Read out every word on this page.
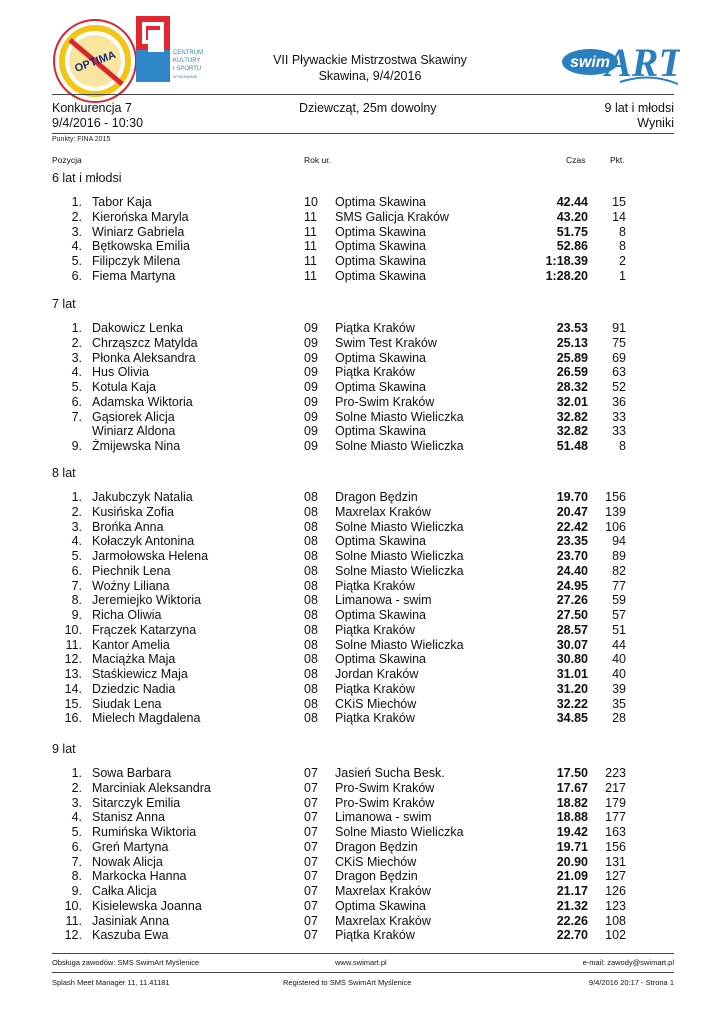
OPTIMA	CENTRUM
KULTURY
I SPORTU
W SKAWINIE
VII Pływackie Mistrzostwa Skawiny
Skawina, 9/4/2016
swim
ART
Konkurencja 7	Dziewcząt, 25m dowolny	9 lat i młodsi
9/4/2016 - 10:30	Wyniki
Punkty: FINA 2015
Pozycja	Rok ur.	Czas	Pkt.
6 lat i młodsi
1. Tabor Kaja	10 Optima Skawina	42.44	15
2. Kierońska Maryla	11 SMS Galicja Kraków	43.20	14
3. Winiarz Gabriela	11 Optima Skawina	51.75	8
4. Bętkowska Emilia	11 Optima Skawina	52.86	8
5. Filipczyk Milena	11 Optima Skawina	1:18.39	2
6. Fiema Martyna	11 Optima Skawina	1:28.20	1
7 lat
1. Dakowicz Lenka	09 Piątka Kraków	23.53	91
2. Chrząszcz Matylda	09 Swim Test Kraków	25.13	75
3. Płonka Aleksandra	09 Optima Skawina	25.89	69
4. Hus Olivia	09 Piątka Kraków	26.59	63
5. Kotula Kaja	09 Optima Skawina	28.32	52
6. Adamska Wiktoria	09 Pro-Swim Kraków	32.01	36
7. Gąsiorek Alicja	09 Solne Miasto Wieliczka	32.82	33
Winiarz Aldona	09 Optima Skawina	32.82	33
9. Żmijewska Nina	09 Solne Miasto Wieliczka	51.48	8
8 lat
1. Jakubczyk Natalia	08 Dragon Będzin	19.70	156
2. Kusińska Zofia	08 Maxrelax Kraków	20.47	139
3. Brońka Anna	08 Solne Miasto Wieliczka	22.42	106
4. Kołaczyk Antonina	08 Optima Skawina	23.35	94
5. Jarmołowska Helena	08 Solne Miasto Wieliczka	23.70	89
6. Piechnik Lena	08 Solne Miasto Wieliczka	24.40	82
7. Woźny Liliana	08 Piątka Kraków	24.95	77
8. Jeremiejko Wiktoria	08 Limanowa - swim	27.26	59
9. Richa Oliwia	08 Optima Skawina	27.50	57
10. Frączek Katarzyna	08 Piątka Kraków	28.57	51
11. Kantor Amelia	08 Solne Miasto Wieliczka	30.07	44
12. Maciążka Maja	08 Optima Skawina	30.80	40
13. Staśkiewicz Maja	08 Jordan Kraków	31.01	40
14. Dziedzic Nadia	08 Piątka Kraków	31.20	39
15. Siudak Lena	08 CKiS Miechów	32.22	35
16. Mielech Magdalena	08 Piątka Kraków	34.85	28
9 lat
1. Sowa Barbara	07 Jasień Sucha Besk.	17.50	223
2. Marciniak Aleksandra	07 Pro-Swim Kraków	17.67	217
3. Sitarczyk Emilia	07 Pro-Swim Kraków	18.82	179
4. Stanisz Anna	07 Limanowa - swim	18.88	177
5. Rumińska Wiktoria	07 Solne Miasto Wieliczka	19.42	163
6. Greń Martyna	07 Dragon Będzin	19.71	156
7. Nowak Alicja	07 CKiS Miechów	20.90	131
8. Markocka Hanna	07 Dragon Będzin	21.09	127
9. Całka Alicja	07 Maxrelax Kraków	21.17	126
10. Kisielewska Joanna	07 Optima Skawina	21.32	123
11. Jasiniak Anna	07 Maxrelax Kraków	22.26	108
12. Kaszuba Ewa	07 Piątka Kraków	22.70	102
Obsługa zawodów: SMS SwimArt Myślenice	www.swimart.pl	e-mail: zawody@swimart.pl
Splash Meet Manager 11, 11.41181	Registered to SMS SwimArt Myślenice	9/4/2016 20:17 - Strona 1
